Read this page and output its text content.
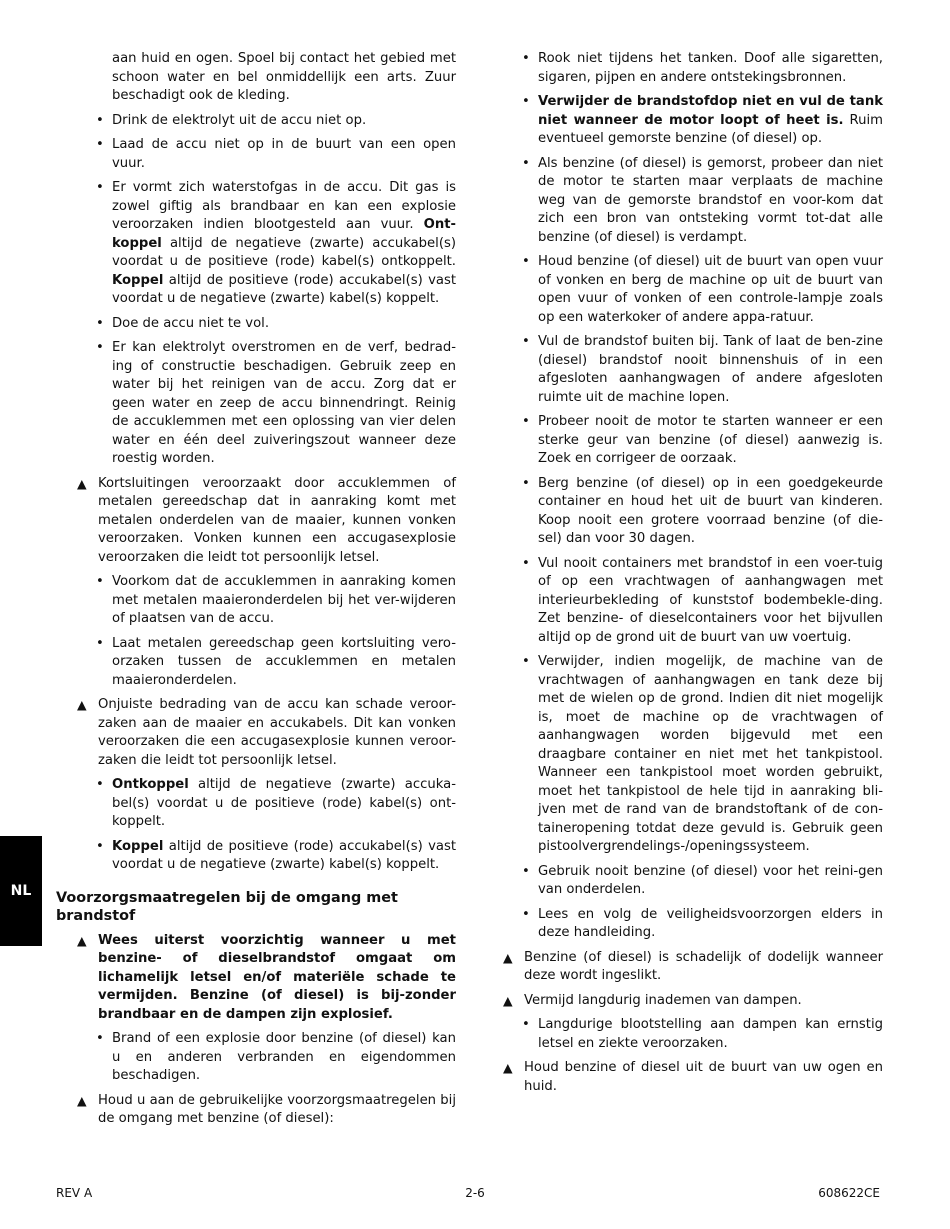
NL

aan huid en ogen. Spoel bij contact het gebied met schoon water en bel onmiddellijk een arts. Zuur beschadigt ook de kleding.

• Drink de elektrolyt uit de accu niet op.

• Laad de accu niet op in de buurt van een open vuur.

• Er vormt zich waterstofgas in de accu. Dit gas is zowel giftig als brandbaar en kan een explosie veroorzaken indien blootgesteld aan vuur. Ont-koppel altijd de negatieve (zwarte) accukabel(s) voordat u de positieve (rode) kabel(s) ontkoppelt. Koppel altijd de positieve (rode) accukabel(s) vast voordat u de negatieve (zwarte) kabel(s) koppelt.

• Doe de accu niet te vol.

• Er kan elektrolyt overstromen en de verf, bedrad-ing of constructie beschadigen. Gebruik zeep en water bij het reinigen van de accu. Zorg dat er geen water en zeep de accu binnendringt. Reinig de accuklemmen met een oplossing van vier delen water en één deel zuiveringszout wanneer deze roestig worden.

▲ Kortsluitingen veroorzaakt door accuklemmen of metalen gereedschap dat in aanraking komt met metalen onderdelen van de maaier, kunnen vonken veroorzaken. Vonken kunnen een accugasexplosie veroorzaken die leidt tot persoonlijk letsel.

• Voorkom dat de accuklemmen in aanraking komen met metalen maaieronderdelen bij het ver-wijderen of plaatsen van de accu.

• Laat metalen gereedschap geen kortsluiting vero-orzaken tussen de accuklemmen en metalen maaieronderdelen.

▲ Onjuiste bedrading van de accu kan schade veroor-zaken aan de maaier en accukabels. Dit kan vonken veroorzaken die een accugasexplosie kunnen veroor-zaken die leidt tot persoonlijk letsel.

• Ontkoppel altijd de negatieve (zwarte) accuka-bel(s) voordat u de positieve (rode) kabel(s) ont-koppelt.

• Koppel altijd de positieve (rode) accukabel(s) vast voordat u de negatieve (zwarte) kabel(s) koppelt.

Voorzorgsmaatregelen bij de omgang met brandstof

▲ Wees uiterst voorzichtig wanneer u met benzine- of dieselbrandstof omgaat om lichamelijk letsel en/of materiële schade te vermijden. Benzine (of diesel) is bij-zonder brandbaar en de dampen zijn explosief.

• Brand of een explosie door benzine (of diesel) kan u en anderen verbranden en eigendommen beschadigen.

▲ Houd u aan de gebruikelijke voorzorgsmaatregelen bij de omgang met benzine (of diesel):

• Rook niet tijdens het tanken. Doof alle sigaretten, sigaren, pijpen en andere ontstekingsbronnen.

• Verwijder de brandstofdop niet en vul de tank niet wanneer de motor loopt of heet is. Ruim eventueel gemorste benzine (of diesel) op.

• Als benzine (of diesel) is gemorst, probeer dan niet de motor te starten maar verplaats de machine weg van de gemorste brandstof en voor-kom dat zich een bron van ontsteking vormt tot-dat alle benzine (of diesel) is verdampt.

• Houd benzine (of diesel) uit de buurt van open vuur of vonken en berg de machine op uit de buurt van open vuur of vonken of een controle-lampje zoals op een waterkoker of andere appa-ratuur.

• Vul de brandstof buiten bij. Tank of laat de ben-zine (diesel) brandstof nooit binnenshuis of in een afgesloten aanhangwagen of andere afgesloten ruimte uit de machine lopen.

• Probeer nooit de motor te starten wanneer er een sterke geur van benzine (of diesel) aanwezig is. Zoek en corrigeer de oorzaak.

• Berg benzine (of diesel) op in een goedgekeurde container en houd het uit de buurt van kinderen. Koop nooit een grotere voorraad benzine (of die-sel) dan voor 30 dagen.

• Vul nooit containers met brandstof in een voer-tuig of op een vrachtwagen of aanhangwagen met interieurbekleding of kunststof bodembekle-ding. Zet benzine- of dieselcontainers voor het bijvullen altijd op de grond uit de buurt van uw voertuig.

• Verwijder, indien mogelijk, de machine van de vrachtwagen of aanhangwagen en tank deze bij met de wielen op de grond. Indien dit niet mogelijk is, moet de machine op de vrachtwagen of aanhangwagen worden bijgevuld met een draagbare container en niet met het tankpistool. Wanneer een tankpistool moet worden gebruikt, moet het tankpistool de hele tijd in aanraking bli-jven met de rand van de brandstoftank of de con-taineropening totdat deze gevuld is. Gebruik geen pistoolvergrendelings-/openingssysteem.

• Gebruik nooit benzine (of diesel) voor het reini-gen van onderdelen.

• Lees en volg de veiligheidsvoorzorgen elders in deze handleiding.

▲ Benzine (of diesel) is schadelijk of dodelijk wanneer deze wordt ingeslikt.

▲ Vermijd langdurig inademen van dampen.

• Langdurige blootstelling aan dampen kan ernstig letsel en ziekte veroorzaken.

▲ Houd benzine of diesel uit de buurt van uw ogen en huid.

REV A	2-6	608622CE
